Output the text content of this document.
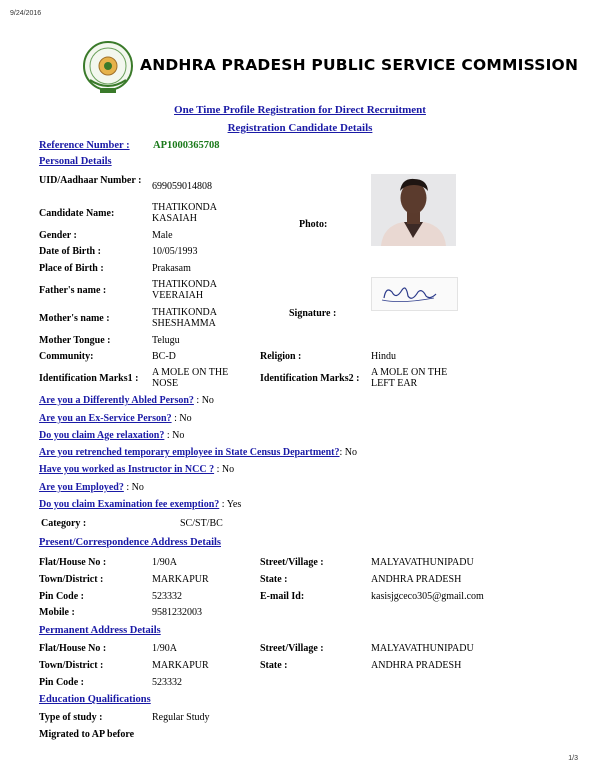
9/24/2016
ANDHRA PRADESH PUBLIC SERVICE COMMISSION
One Time Profile Registration for Direct Recruitment
Registration Candidate Details
Reference Number : AP1000365708
Personal Details
UID/Aadhaar Number :
699059014808
Candidate Name:
THATIKONDA KASAIAH
Photo:
Gender :	Male
Date of Birth :	10/05/1993
Place of Birth :	Prakasam
Father's name :
THATIKONDA VEERAIAH
Mother's name :
THATIKONDA SHESHAMMA
Signature :
Mother Tongue :	Telugu
Community:	BC-D	Religion :	Hindu
Identification Marks1 :
A MOLE ON THE NOSE	Identification Marks2 :
A MOLE ON THE LEFT EAR
Are you a Differently Abled Person? : No
Are you an Ex-Service Person? : No
Do you claim Age relaxation? : No
Are you retrenched temporary employee in State Census Department?: No
Have you worked as Instructor in NCC ? : No
Are you Employed? : No
Do you claim Examination fee exemption? : Yes
Category :	SC/ST/BC
Present/Correspondence Address Details
Flat/House No :	1/90A	Street/Village :	MALYAVATHUNIPADU
Town/District :	MARKAPUR	State :	ANDHRA PRADESH
Pin Code :	523332	E-mail Id:	kasisjgceco305@gmail.com
Mobile :	9581232003
Permanent Address Details
Flat/House No :	1/90A	Street/Village :	MALYAVATHUNIPADU
Town/District :	MARKAPUR	State :	ANDHRA PRADESH
Pin Code :	523332
Education Qualifications
Type of study :	Regular Study
Migrated to AP before
1/3
